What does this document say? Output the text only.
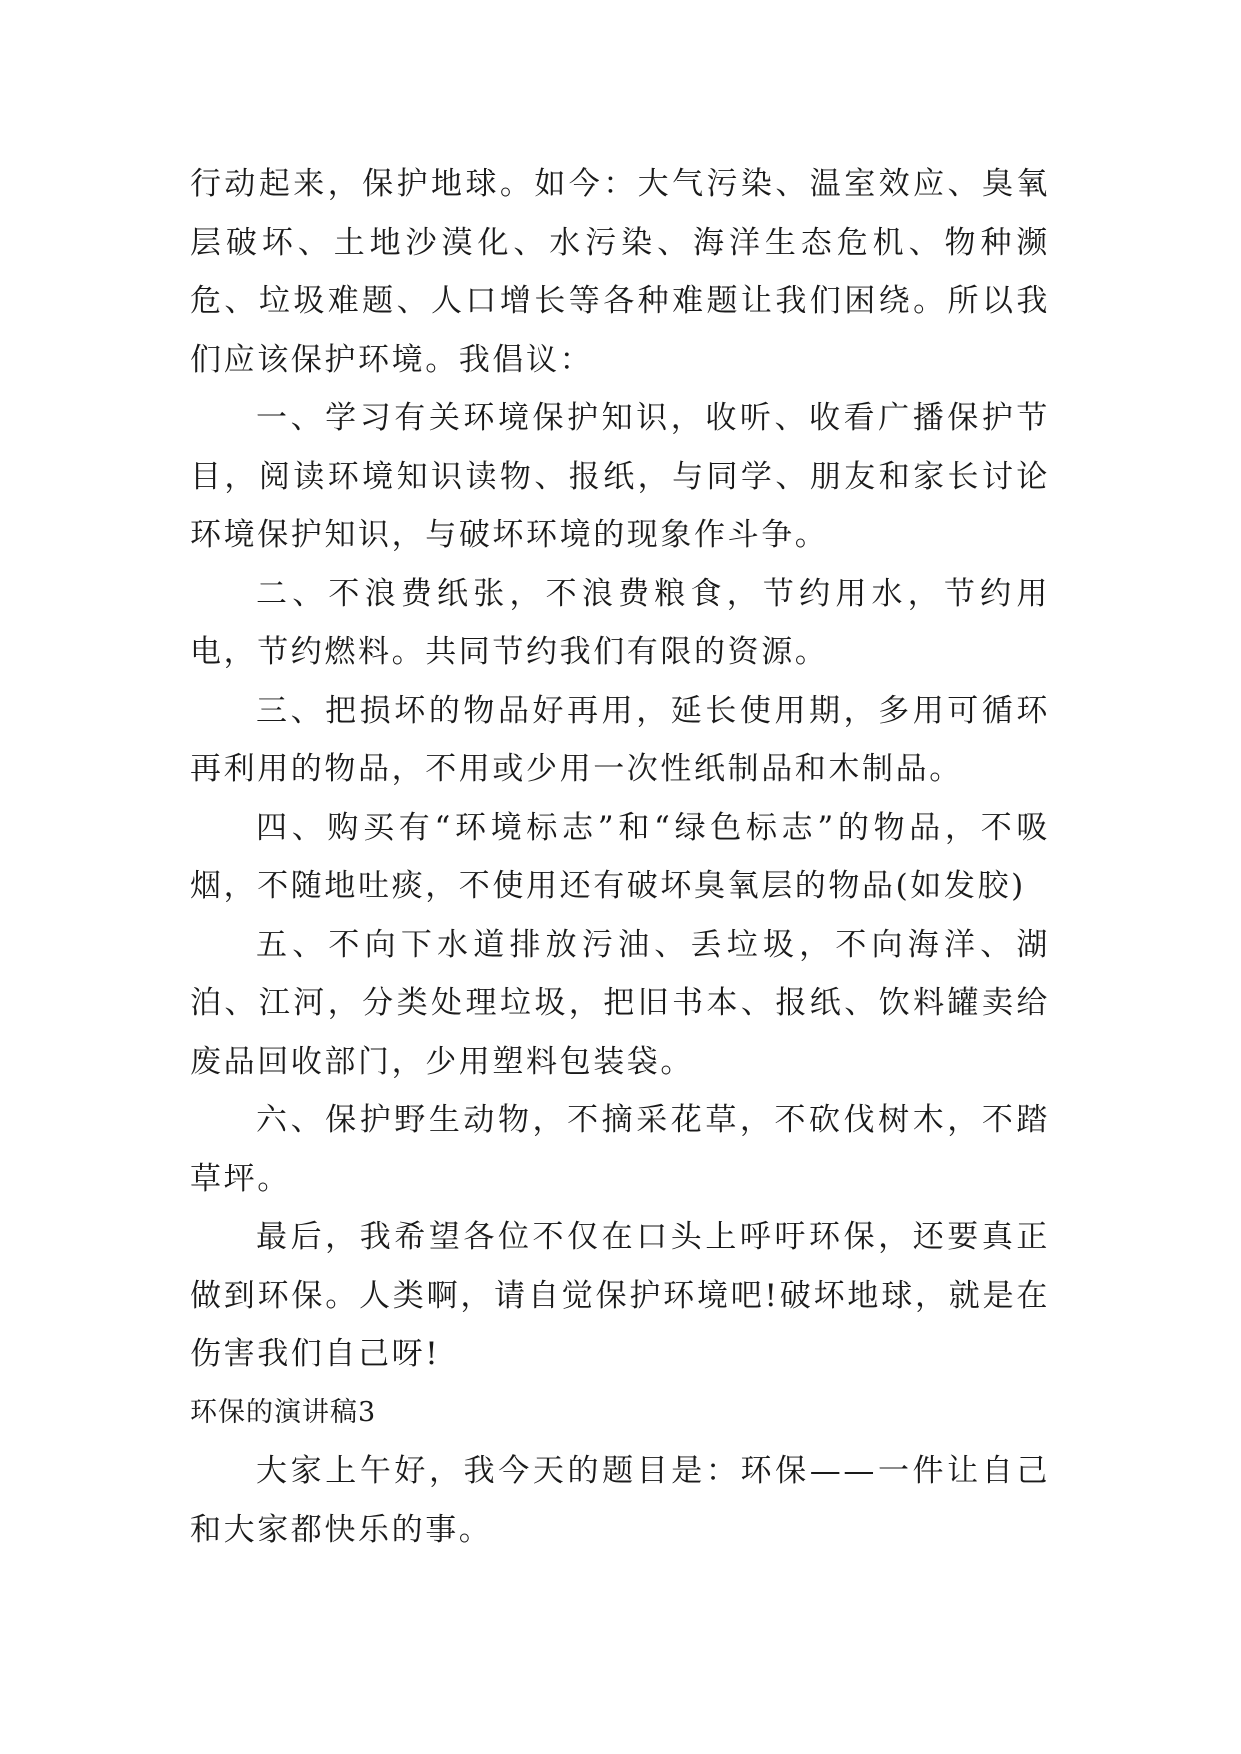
行动起来，保护地球。如今：大气污染、温室效应、臭氧层破坏、土地沙漠化、水污染、海洋生态危机、物种濒危、垃圾难题、人口增长等各种难题让我们困绕。所以我们应该保护环境。我倡议：

一、学习有关环境保护知识，收听、收看广播保护节目，阅读环境知识读物、报纸，与同学、朋友和家长讨论环境保护知识，与破坏环境的现象作斗争。

二、不浪费纸张，不浪费粮食，节约用水，节约用电，节约燃料。共同节约我们有限的资源。

三、把损坏的物品好再用，延长使用期，多用可循环再利用的物品，不用或少用一次性纸制品和木制品。

四、购买有“环境标志”和“绿色标志”的物品，不吸烟，不随地吐痰，不使用还有破坏臭氧层的物品(如发胶)

五、不向下水道排放污油、丢垃圾，不向海洋、湖泊、江河，分类处理垃圾，把旧书本、报纸、饮料罐卖给废品回收部门，少用塑料包装袋。

六、保护野生动物，不摘采花草，不砍伐树木，不踏草坪。

最后，我希望各位不仅在口头上呼吁环保，还要真正做到环保。人类啊，请自觉保护环境吧!破坏地球，就是在伤害我们自己呀!

环保的演讲稿3

大家上午好，我今天的题目是：环保——一件让自己和大家都快乐的事。
